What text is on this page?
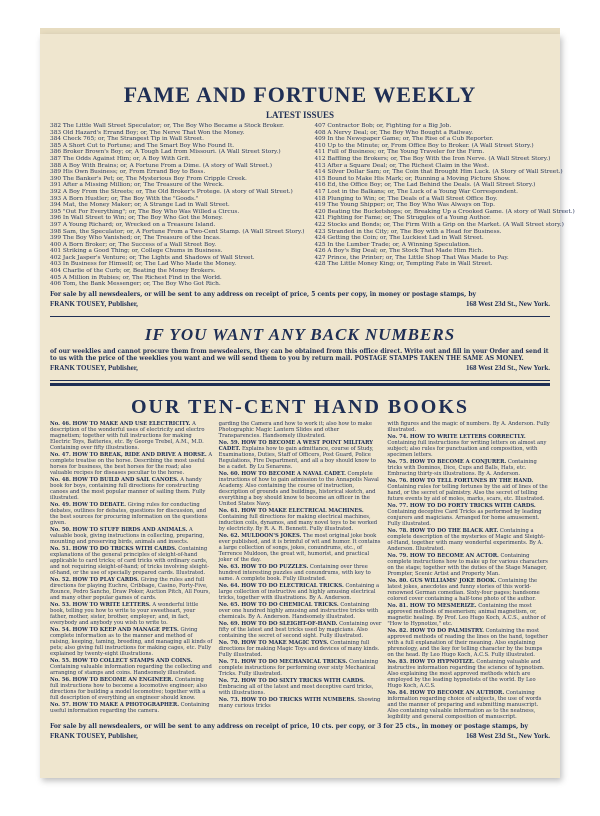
FAME AND FORTUNE WEEKLY
LATEST ISSUES
382 The Little Wall Street Speculator; or, The Boy Who Became a Stock Broker.
383 Old Hazard's Errand Boy; or, The Nerve That Won the Money.
384 Check 765; or, The Strangest Tip in Wall Street.
385 A Short Cut to Fortune; and The Smart Boy Who Found It.
386 Broker Brown's Boy; or, A Tough Lad from Missouri. (A Wall Street Story.)
387 The Odds Against Him; or, A Boy With Grit.
388 A Boy With Brains; or, A Fortune From a Dime. (A story of Wall Street.)
389 His Own Business; or, From Errand Boy to Boss.
390 The Banker's Pet; or, The Mysterious Boy From Cripple Creek.
391 After a Missing Million; or, The Treasure of the Wreck.
392 A Boy From the Streets; or, The Old Broker's Protege. (A story of Wall Street.)
393 A Born Hustler; or, The Boy With the "Goods."
394 Mat, the Money Maker; or, A Strange Lad in Wall Street.
395 "Out For Everything"; or, The Boy Who Was Willed a Circus.
396 In Wall Street to Win; or, The Boy Who Got the Money.
397 A Young Richard; or, Wrecked on a Treasure Island.
398 Sam, the Speculator; or, A Fortune From a Two-Cent Stamp. (A Wall Street Story.)
399 The Boy Who Vanished; or, The Treasure of the Incas.
400 A Born Broker; or, The Success of a Wall Street Boy.
401 Striking a Good Thing; or, College Chums in Business.
402 Jack Jasper's Venture; or, The Lights and Shadows of Wall Street.
403 In Business for Himself; or, The Lad Who Made the Money.
404 Charlie of the Curb; or, Beating the Money Brokers.
405 A Million in Rubies; or, The Richest Find in the World.
406 Tom, the Bank Messenger; or, The Boy Who Got Rich.
407 Contractor Bob; or, Fighting for a Big Job.
408 A Nervy Deal; or, The Boy Who Bought a Railway.
409 In the Newspaper Game; or, The Rise of a Cub Reporter.
410 Up to the Minute; or, From Office Boy to Broker. (A Wall Street Story.)
411 Full of Business; or, The Young Traveler for the Firm.
412 Baffling the Brokers; or, The Boy With the Iron Nerve. (A Wall Street Story.)
413 After a Square Deal; or, The Richest Claim in the West.
414 Silver Dollar Sam; or, The Coin that Brought Him Luck. (A Story of Wall Street.)
415 Bound to Make His Mark; or, Running a Moving Picture Show.
416 Ed, the Office Boy; or, The Lad Behind the Deals. (A Wall Street Story.)
417 Lost in the Balkans; or, The Luck of a Young War Correspondent.
418 Plunging to Win; or, The Deals of a Wall Street Office Boy.
419 The Young Shipper; or, The Boy Who Was Always on Top.
420 Beating the Bucketshops; or, Breaking Up a Crooked Game. (A story of Wall Street.)
421 Fighting for Fame; or, The Struggles of a Young Author.
422 Stocks and Bonds; or, The Firm With a Grip on the Market. (A Wall Street story.)
423 Stranded in the City; or, The Boy with a Head for Business.
424 Getting the Coin; or, The Luckiest Lad in Wall Street.
425 In the Lumber Trade; or, A Winning Speculation.
426 A Boy's Big Deal; or, The Stock That Made Him Rich.
427 Prince, the Printer; or, The Little Shop That Was Made to Pay.
428 The Little Money King; or, Tempting Fate in Wall Street.
For sale by all newsdealers, or will be sent to any address on receipt of price, 5 cents per copy, in money or postage stamps, by
FRANK TOUSEY, Publisher,	168 West 23d St., New York.
IF YOU WANT ANY BACK NUMBERS
of our weeklies and cannot procure them from newsdealers, they can be obtained from this office direct. Write out and fill in your Order and send it to us with the price of the weeklies you want and we will send them to you by return mail. POSTAGE STAMPS TAKEN THE SAME AS MONEY.
FRANK TOUSEY, Publisher,	168 West 23d St., New York.
OUR TEN-CENT HAND BOOKS
No. 46. HOW TO MAKE AND USE ELECTRICITY. A description of the wonderful uses of electricity and electro magnetism; together with full instructions for making Electric Toys, Batteries, etc. By George Trebel, A.M., M.D. Containing over fifty illustrations.
No. 47. HOW TO BREAK, RIDE AND DRIVE A HORSE. A complete treatise on the horse. Describing the most useful horses for business, the best horses for the road; also valuable recipes for diseases peculiar to the horse.
No. 48. HOW TO BUILD AND SAIL CANOES. A handy book for boys, containing full directions for constructing canoes and the most popular manner of sailing them. Fully illustrated.
No. 49. HOW TO DEBATE. Giving rules for conducting debates, outlines for debates, questions for discussion, and the best sources for procuring information on the questions given.
No. 50. HOW TO STUFF BIRDS AND ANIMALS. A valuable book, giving instructions in collecting, preparing, mounting and preserving birds, animals and insects.
No. 51. HOW TO DO TRICKS WITH CARDS. Containing explanations of the general principles of sleight-of-hand applicable to card tricks; of card tricks with ordinary cards, and not requiring sleight-of-hand; of tricks involving sleight-of-hand, or the use of specially prepared cards. Illustrated.
No. 52. HOW TO PLAY CARDS. Giving the rules and full directions for playing Euchre, Cribbage, Casino, Forty-Five, Rounce, Pedro Sancho, Draw Poker, Auction Pitch, All Fours, and many other popular games of cards.
No. 53. HOW TO WRITE LETTERS. A wonderful little book, telling you how to write to your sweetheart, your father, mother, sister, brother, employer; and, in fact, everybody and anybody you wish to write to.
No. 54. HOW TO KEEP AND MANAGE PETS. Giving complete information as to the manner and method of raising, keeping, taming, breeding, and managing all kinds of pets; also giving full instructions for making cages, etc. Fully explained by twenty-eight illustrations.
No. 55. HOW TO COLLECT STAMPS AND COINS. Containing valuable information regarding the collecting and arranging of stamps and coins. Handsomely illustrated.
No. 56. HOW TO BECOME AN ENGINEER. Containing full instructions how to become a locomotive engineer; also directions for building a model locomotive; together with a full description of everything an engineer should know.
No. 57. HOW TO MAKE A PHOTOGRAPHER. Containing useful information regarding the camera.
garding the Camera and how to work it; also how to make Photographic Magic Lantern Slides and other Transparencies. Handsomely illustrated.
No. 59. HOW TO BECOME A WEST POINT MILITARY CADET. Explains how to gain admittance, course of Study, Examinations, Duties, Staff of Officers, Post Guard, Police Regulations, Fire Department, and all a boy should know to be a cadet. By Lu Senarens.
No. 60. HOW TO BECOME A NAVAL CADET. Complete instructions of how to gain admission to the Annapolis Naval Academy. Also containing the course of instruction, description of grounds and buildings, historical sketch, and everything a boy should know to become an officer in the United States Navy.
No. 61. HOW TO MAKE ELECTRICAL MACHINES. Containing full directions for making electrical machines, induction coils, dynamos, and many novel toys to be worked by electricity. By R. A. R. Bennett. Fully illustrated.
No. 62. MULDOON'S JOKES. The most original joke book ever published, and it is brimful of wit and humor. It contains a large collection of songs, jokes, conundrums, etc., of Terrence Muldoon, the great wit, humorist, and practical joker of the day.
No. 63. HOW TO DO PUZZLES. Containing over three hundred interesting puzzles and conundrums, with key to same. A complete book. Fully illustrated.
No. 64. HOW TO DO ELECTRICAL TRICKS. Containing a large collection of instructive and highly amusing electrical tricks, together with illustrations. By A. Anderson.
No. 65. HOW TO DO CHEMICAL TRICKS. Containing over one hundred highly amusing and instructive tricks with chemicals. By A. Anderson. Handsomely illustrated.
No. 69. HOW TO DO SLEIGHT-OF-HAND. Containing over fifty of the latest and best tricks used by magicians. Also containing the secret of second sight. Fully illustrated.
No. 70. HOW TO MAKE MAGIC TOYS. Containing full directions for making Magic Toys and devices of many kinds. Fully illustrated.
No. 71. HOW TO DO MECHANICAL TRICKS. Containing complete instructions for performing over sixty Mechanical Tricks. Fully illustrated.
No. 72. HOW TO DO SIXTY TRICKS WITH CARDS. Embracing all of the latest and most deceptive card tricks, with illustrations.
No. 73. HOW TO DO TRICKS WITH NUMBERS. Showing many curious tricks
with figures and the magic of numbers. By A. Anderson. Fully illustrated.
No. 74. HOW TO WRITE LETTERS CORRECTLY. Containing full instructions for writing letters on almost any subject; also rules for punctuation and composition, with specimen letters.
No. 75. HOW TO BECOME A CONJURER. Containing tricks with Dominos, Dice, Cups and Balls, Hats, etc. Embracing thirty-six illustrations. By A. Anderson.
No. 76. HOW TO TELL FORTUNES BY THE HAND. Containing rules for telling fortunes by the aid of lines of the hand, or the secret of palmistry. Also the secret of telling future events by aid of moles, marks, scars, etc. Illustrated.
No. 77. HOW TO DO FORTY TRICKS WITH CARDS. Containing deceptive Card Tricks as performed by leading conjurers and magicians. Arranged for home amusement. Fully illustrated.
No. 78. HOW TO DO THE BLACK ART. Containing a complete description of the mysteries of Magic and Sleight-of-Hand, together with many wonderful experiments. By A. Anderson. Illustrated.
No. 79. HOW TO BECOME AN ACTOR. Containing complete instructions how to make up for various characters on the stage; together with the duties of the Stage Manager, Prompter, Scenic Artist and Property Man.
No. 80. GUS WILLIAMS' JOKE BOOK. Containing the latest jokes, anecdotes and funny stories of this world-renowned German comedian. Sixty-four pages; handsome colored cover containing a half-tone photo of the author.
No. 81. HOW TO MESMERIZE. Containing the most approved methods of mesmerism; animal magnetism, or, magnetic healing. By Prof. Leo Hugo Koch, A.C.S., author of "How to Hypnotize," etc.
No. 82. HOW TO DO PALMISTRY. Containing the most approved methods of reading the lines on the hand, together with a full explanation of their meaning. Also explaining phrenology, and the key for telling character by the bumps on the head. By Leo Hugo Koch, A.C.S. Fully illustrated.
No. 83. HOW TO HYPNOTIZE. Containing valuable and instructive information regarding the science of hypnotism. Also explaining the most approved methods which are employed by the leading hypnotists of the world. By Leo Hugo Koch, A.C.S.
No. 84. HOW TO BECOME AN AUTHOR. Containing information regarding choice of subjects, the use of words and the manner of preparing and submitting manuscript. Also containing valuable information as to the neatness, legibility and general composition of manuscript.
For sale by all newsdealers, or will be sent to any address on receipt of price, 10 cts. per copy, or 3 for 25 cts., in money or postage stamps, by
FRANK TOUSEY, Publisher,	168 West 23d St., New York.
